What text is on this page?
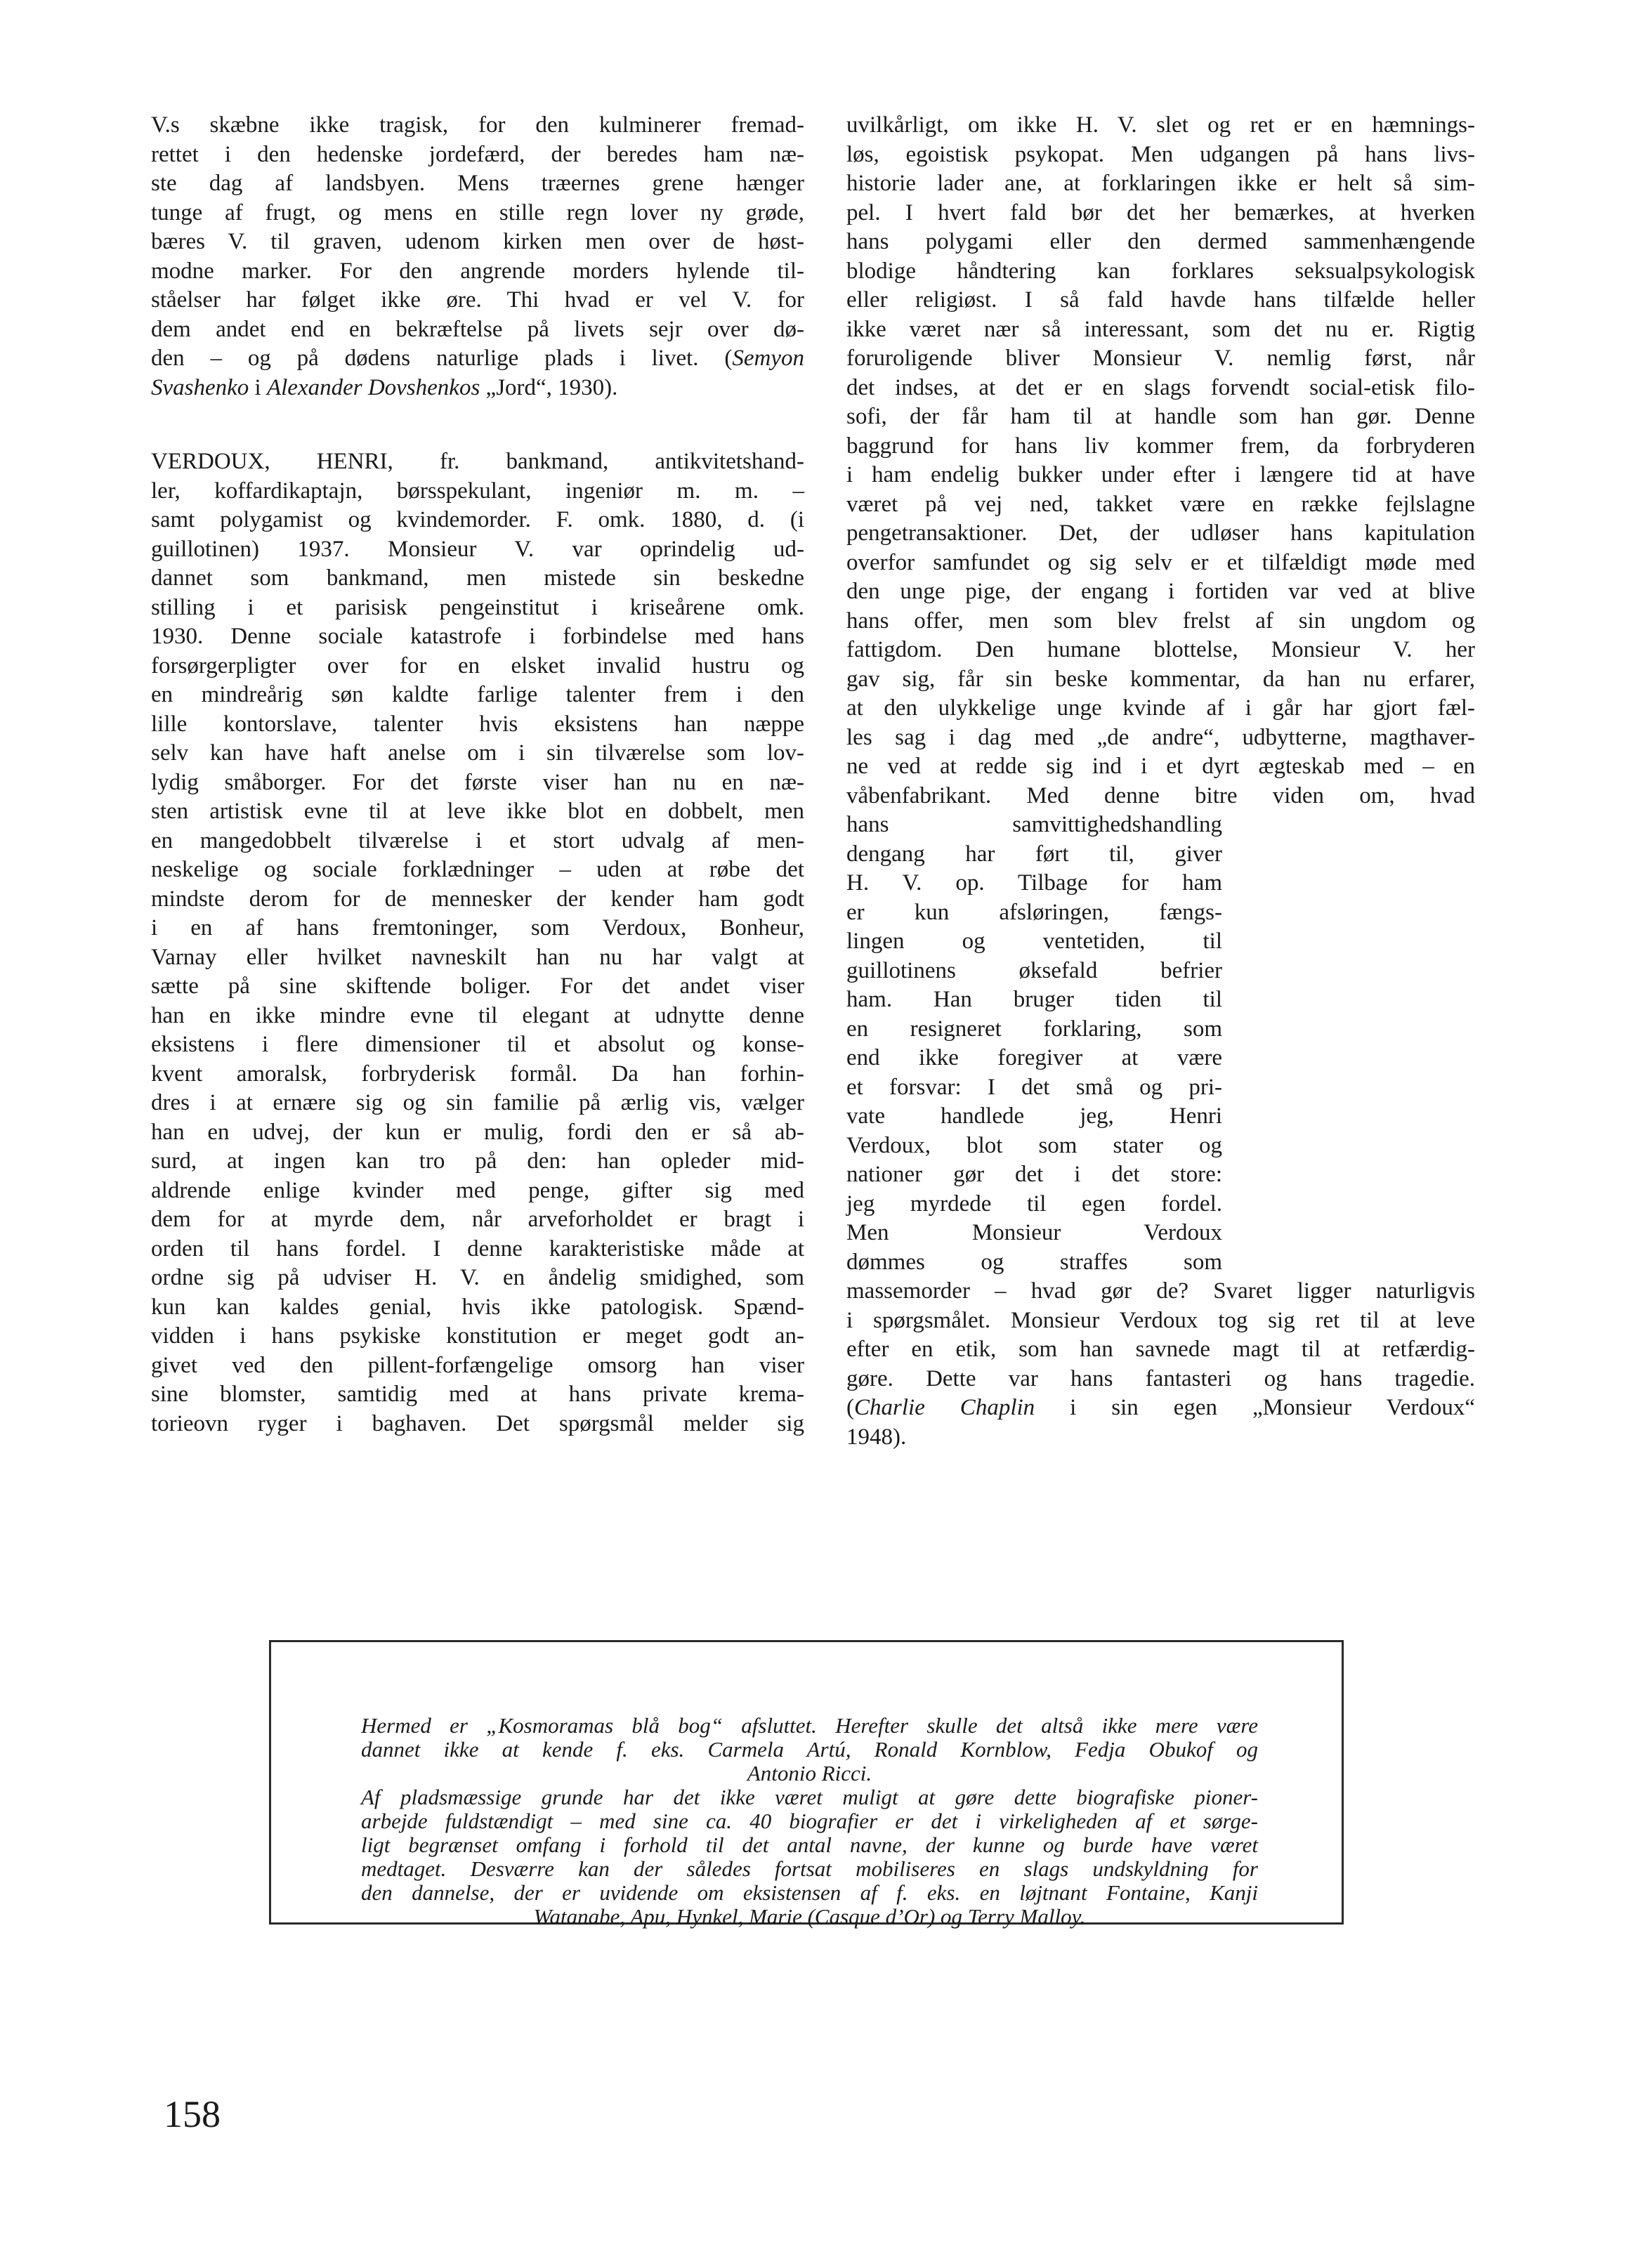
V.s skæbne ikke tragisk, for den kulminerer fremad-
rettet i den hedenske jordefærd, der beredes ham næ-
ste dag af landsbyen. Mens træernes grene hænger
tunge af frugt, og mens en stille regn lover ny grøde,
bæres V. til graven, udenom kirken men over de høst-
modne marker. For den angrende morders hylende til-
ståelser har følget ikke øre. Thi hvad er vel V. for
dem andet end en bekræftelse på livets sejr over dø-
den – og på dødens naturlige plads i livet. (Semyon
Svashenko i Alexander Dovshenkos „Jord“, 1930).
VERDOUX, HENRI, fr. bankmand, antikvitetshand-
ler, koffardikaptajn, børsspekulant, ingeniør m. m. –
samt polygamist og kvindemorder. F. omk. 1880, d. (i
guillotinen) 1937. Monsieur V. var oprindelig ud-
dannet som bankmand, men mistede sin beskedne
stilling i et parisisk pengeinstitut i kriseårene omk.
1930. Denne sociale katastrofe i forbindelse med hans
forsørgerpligter over for en elsket invalid hustru og
en mindreårig søn kaldte farlige talenter frem i den
lille kontorslave, talenter hvis eksistens han næppe
selv kan have haft anelse om i sin tilværelse som lov-
lydig småborger. For det første viser han nu en næ-
sten artistisk evne til at leve ikke blot en dobbelt, men
en mangedobbelt tilværelse i et stort udvalg af men-
neskelige og sociale forklædninger – uden at røbe det
mindste derom for de mennesker der kender ham godt
i en af hans fremtoninger, som Verdoux, Bonheur,
Varnay eller hvilket navneskilt han nu har valgt at
sætte på sine skiftende boliger. For det andet viser
han en ikke mindre evne til elegant at udnytte denne
eksistens i flere dimensioner til et absolut og konse-
kvent amoralsk, forbryderisk formål. Da han forhin-
dres i at ernære sig og sin familie på ærlig vis, vælger
han en udvej, der kun er mulig, fordi den er så ab-
surd, at ingen kan tro på den: han opleder mid-
aldrende enlige kvinder med penge, gifter sig med
dem for at myrde dem, når arveforholdet er bragt i
orden til hans fordel. I denne karakteristiske måde at
ordne sig på udviser H. V. en åndelig smidighed, som
kun kan kaldes genial, hvis ikke patologisk. Spænd-
vidden i hans psykiske konstitution er meget godt an-
givet ved den pillent-forfængelige omsorg han viser
sine blomster, samtidig med at hans private krema-
torieovn ryger i baghaven. Det spørgsmål melder sig
uvilkårligt, om ikke H. V. slet og ret er en hæmnings-
løs, egoistisk psykopat. Men udgangen på hans livs-
historie lader ane, at forklaringen ikke er helt så sim-
pel. I hvert fald bør det her bemærkes, at hverken
hans polygami eller den dermed sammenhængende
blodige håndtering kan forklares seksualpsykologisk
eller religiøst. I så fald havde hans tilfælde heller
ikke været nær så interessant, som det nu er. Rigtig
foruroligende bliver Monsieur V. nemlig først, når
det indses, at det er en slags forvendt social-etisk filo-
sofi, der får ham til at handle som han gør. Denne
baggrund for hans liv kommer frem, da forbryderen
i ham endelig bukker under efter i længere tid at have
været på vej ned, takket være en række fejlslagne
pengetransaktioner. Det, der udløser hans kapitulation
overfor samfundet og sig selv er et tilfældigt møde med
den unge pige, der engang i fortiden var ved at blive
hans offer, men som blev frelst af sin ungdom og
fattigdom. Den humane blottelse, Monsieur V. her
gav sig, får sin beske kommentar, da han nu erfarer,
at den ulykkelige unge kvinde af i går har gjort fæl-
les sag i dag med „de andre“, udbytterne, magthaver-
ne ved at redde sig ind i et dyrt ægteskab med – en
våbenfabrikant. Med denne bitre viden om, hvad
hans samvittighedshandling
dengang har ført til, giver
H. V. op. Tilbage for ham
er kun afsløringen, fængs-
lingen og ventetiden, til
guillotinens øksefald befrier
ham. Han bruger tiden til
en resigneret forklaring, som
end ikke foregiver at være
et forsvar: I det små og pri-
vate handlede jeg, Henri
Verdoux, blot som stater og
nationer gør det i det store:
jeg myrdede til egen fordel.
Men Monsieur Verdoux
dømmes og straffes som
massemorder – hvad gør de? Svaret ligger naturligvis
i spørgsmålet. Monsieur Verdoux tog sig ret til at leve
efter en etik, som han savnede magt til at retfærdig-
gøre. Dette var hans fantasteri og hans tragedie.
(Charlie Chaplin i sin egen „Monsieur Verdoux“
1948).
Hermed er „Kosmoramas blå bog“ afsluttet. Herefter skulle det altså ikke mere være
dannet ikke at kende f. eks. Carmela Artú, Ronald Kornblow, Fedja Obukof og
Antonio Ricci.
Af pladsmæssige grunde har det ikke været muligt at gøre dette biografiske pioner-
arbejde fuldstændigt – med sine ca. 40 biografier er det i virkeligheden af et sørge-
ligt begrænset omfang i forhold til det antal navne, der kunne og burde have været
medtaget. Desværre kan der således fortsat mobiliseres en slags undskyldning for
den dannelse, der er uvidende om eksistensen af f. eks. en løjtnant Fontaine, Kanji
Watanabe, Apu, Hynkel, Marie (Casque d’Or) og Terry Malloy.
158
